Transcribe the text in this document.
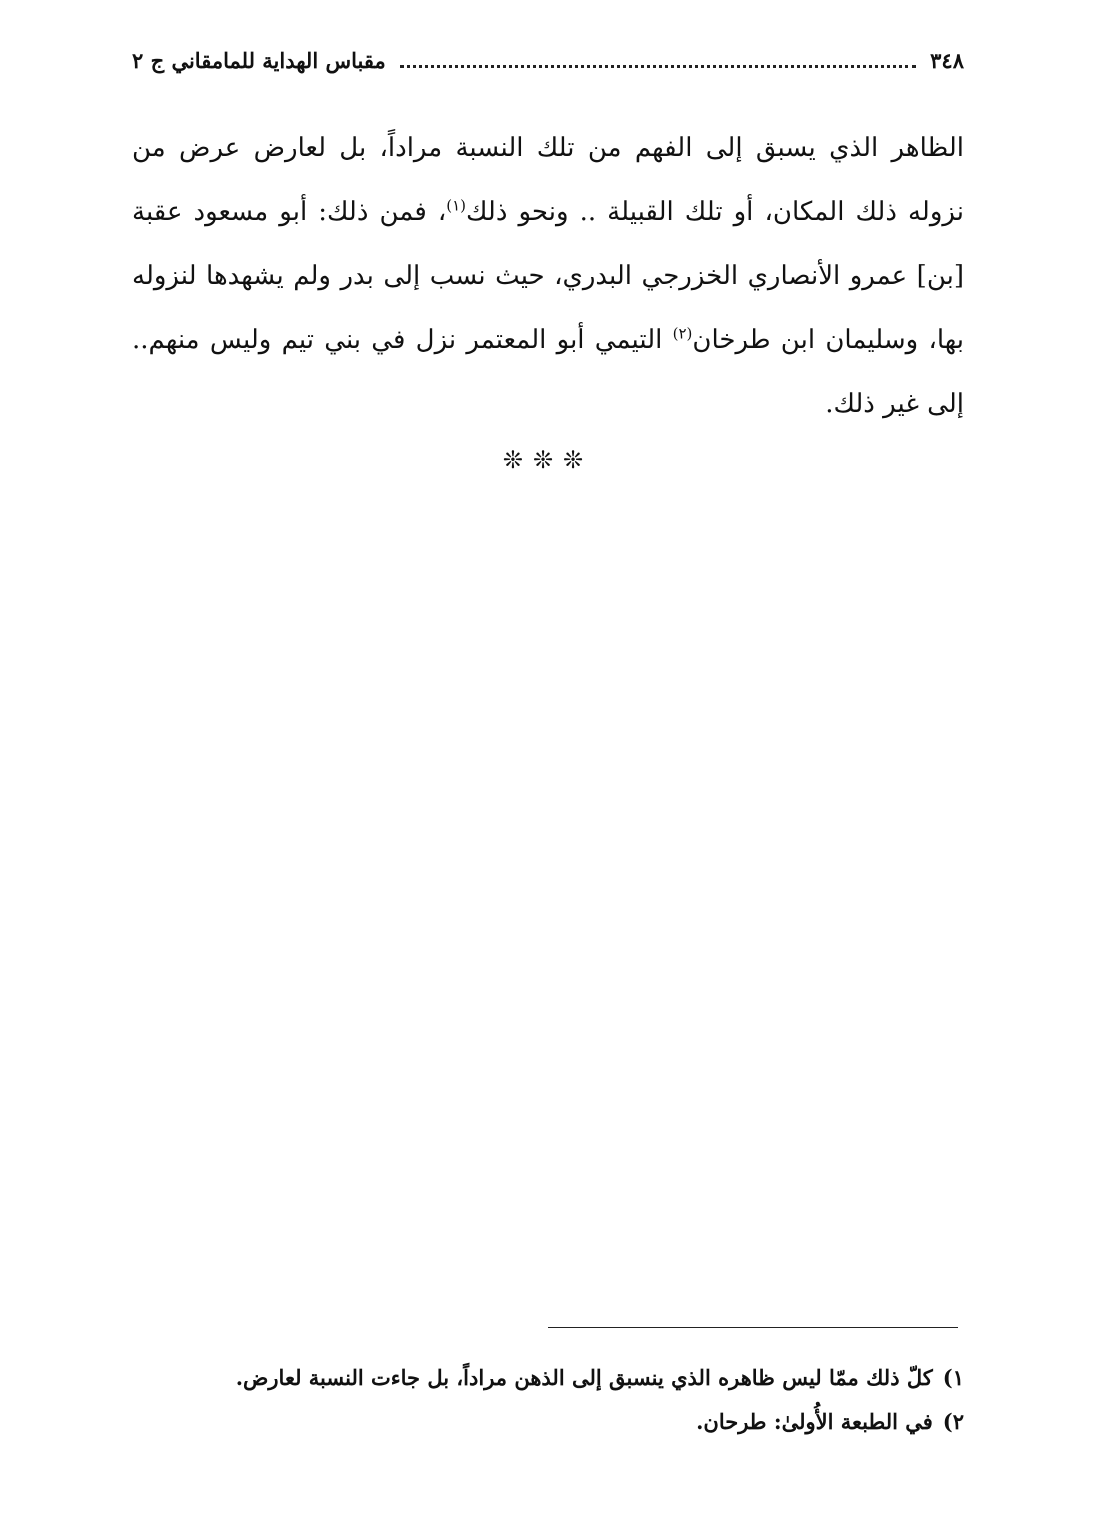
٣٤٨
مقباس الهداية للمامقاني ج ٢

الظاهر الذي يسبق إلى الفهم من تلك النسبة مراداً، بل لعارض عرض من نزوله ذلك المكان، أو تلك القبيلة .. ونحو ذلك$^{(١)}$، فمن ذلك: أبو مسعود عقبة [بن] عمرو الأنصاري الخزرجي البدري، حيث نسب إلى بدر ولم يشهدها لنزوله بها، وسليمان ابن طرخان$^{(٢)}$ التيمي أبو المعتمر نزل في بني تيم وليس منهم.. إلى غير ذلك.

❊❊❊
١)كلّ ذلك ممّا ليس ظاهره الذي ينسبق إلى الذهن مراداً، بل جاءت النسبة لعارض.
٢)في الطبعة الأُولىٰ: طرحان.
